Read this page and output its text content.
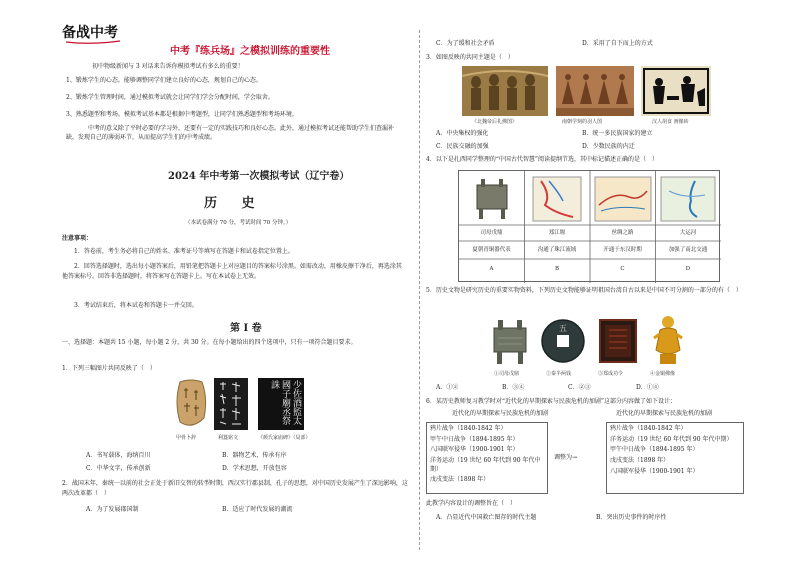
备战中考
中考『练兵场』之模拟训练的重要性
初中物级新闻与 3 对话来告诉你模拟考试有多么的重要！
1、锻炼学生的心态。能够调整同学们建立良好的心态，规划自己的心态。
2、锻炼学生管理时间，通过模拟考试就会让同学们学会分配时间，学会取舍。
3、熟悉题型和考场。模拟考试基本都是根据中考题型，让同学们熟悉题型和考场环境。
中考的意义除了平时必要的学习外，还要有一定的实践技巧和良好心态。此外，通过模拟考试还能帮助学生们查漏补缺，发现自己的薄弱环节，从而提高学生们的中考成绩。
2024 年中考第一次模拟考试（辽宁卷）
历 史
（本试卷满分 70 分，考试时间 70 分钟。）
注意事项：
1．答卷前，考生务必将自己的姓名、准考证号等填写在答题卡和试卷指定位置上。
2．回答选择题时，选出每小题答案后，用铅笔把答题卡上对应题目的答案标号涂黑。如需改动，用橡皮擦干净后，再选涂其他答案标号。回答非选择题时，将答案写在答题卡上。写在本试卷上无效。
3．考试结束后，将本试卷和答题卡一并交回。
第 I 卷
一、选择题：本题共 15 小题，每小题 2 分，共 30 分。在每小题给出的四个选项中，只有一项符合题目要求。
1．下列三幅图片共同反映了（　）
少佐酒監太國子廟丞祭誅
甲骨卜辞	利簋铭文	《颜氏家庙碑》（局部）
A．书写载体，海纳百川	B．器物艺术，传承有序
C．中华文字，传承创新	D．学术思想，开放包容
2．战国末年，秦统一以前的社会正处于新旧交替的转型时期，西汉实行郡县制，孔子的思想，对中国历史发展产生了深远影响，这两次改革都（　）
A．为了发展郡国制	B．适应了时代发展的潮流
C．为了缓和社会矛盾	D．采用了自下而上的方式
3．如图反映的共同主题是（　）
《北魏帝后礼佛图》	南朝学刻的羽人图	汉人胡食 画像砖
A．中央集权的强化	B．统一多民族国家的建立
C．民族交融的加强	D．少数民族的内迁
4．以下是扎西同学整理的“中国古代智慧”阅读提纲节选，其中标记描述正确的是（　）
司母戊鼎	郑江堰	丝绸之路	大运河
夏朝青铜器代表	沟通了珠江流域	开通于东汉时期	加强了南北交通
A	B	C	D
5．历史文物是研究历史的重要实物资料，下列历史文物能够证明祖国台湾自古以来是中国不可分割的一部分的有（　）
五
①司母戊鼎	②秦半两钱	③郑成功令	④金铜佛像
A．①②	B．③④	C．②③	D．①④
6．某历史教师复习教学时对“近代化的早期探索与民族危机的加剧”这部分内容做了如下设计：
近代化的早期探索与民族危机的加剧	近代化的早期探索与民族危机的加剧
鸦片战争（1840-1842 年）
甲午中日战争（1894-1895 年）
八国联军侵华（1900-1901 年）
洋务运动（19 世纪 60 年代到 90 年代中期）
戊戌变法（1898 年）
调整为→
鸦片战争（1840-1842 年）
洋务运动（19 世纪 60 年代到 90 年代中期）
甲午中日战争（1894-1895 年）
戊戌变法（1898 年）
八国联军侵华（1900-1901 年）
此教学内容设计的调整旨在（　）
A．凸显近代中国救亡图存的时代主题	B．突出历史事件的时序性
